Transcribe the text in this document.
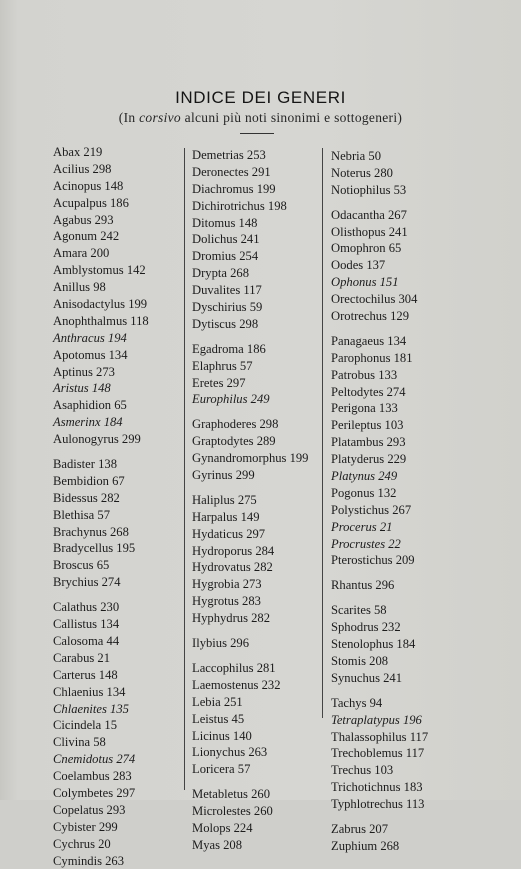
INDICE DEI GENERI
(In corsivo alcuni più noti sinonimi e sottogeneri)
Abax 219
Acilius 298
Acinopus 148
Acupalpus 186
Agabus 293
Agonum 242
Amara 200
Amblystomus 142
Anillus 98
Anisodactylus 199
Anophthalmus 118
Anthracus 194
Apotomus 134
Aptinus 273
Aristus 148
Asaphidion 65
Asmerinx 184
Aulonogyrus 299
Badister 138
Bembidion 67
Bidessus 282
Blethisa 57
Brachynus 268
Bradycellus 195
Broscus 65
Brychius 274
Calathus 230
Callistus 134
Calosoma 44
Carabus 21
Carterus 148
Chlaenius 134
Chlaenites 135
Cicindela 15
Clivina 58
Cnemidotus 274
Coelambus 283
Colymbetes 297
Copelatus 293
Cybister 299
Cychrus 20
Cymindis 263
Demetrias 253
Deronectes 291
Diachromus 199
Dichirotrichus 198
Ditomus 148
Dolichus 241
Dromius 254
Drypta 268
Duvalites 117
Dyschirius 59
Dytiscus 298
Egadroma 186
Elaphrus 57
Eretes 297
Europhilus 249
Graphoderes 298
Graptodytes 289
Gynandromorphus 199
Gyrinus 299
Haliplus 275
Harpalus 149
Hydaticus 297
Hydroporus 284
Hydrovatus 282
Hygrobia 273
Hygrotus 283
Hyphydrus 282
Ilybius 296
Laccophilus 281
Laemostenus 232
Lebia 251
Leistus 45
Licinus 140
Lionychus 263
Loricera 57
Metabletus 260
Microlestes 260
Molops 224
Myas 208
Nebria 50
Noterus 280
Notiophilus 53
Odacantha 267
Olisthopus 241
Omophron 65
Oodes 137
Ophonus 151
Orectochilus 304
Orotrechus 129
Panagaeus 134
Parophonus 181
Patrobus 133
Peltodytes 274
Perigona 133
Perileptus 103
Platambus 293
Platyderus 229
Platynus 249
Pogonus 132
Polystichus 267
Procerus 21
Procrustes 22
Pterostichus 209
Rhantus 296
Scarites 58
Sphodrus 232
Stenolophus 184
Stomis 208
Synuchus 241
Tachys 94
Tetraplatypus 196
Thalassophilus 117
Trechoblemus 117
Trechus 103
Trichotichnus 183
Typhlotrechus 113
Zabrus 207
Zuphium 268
